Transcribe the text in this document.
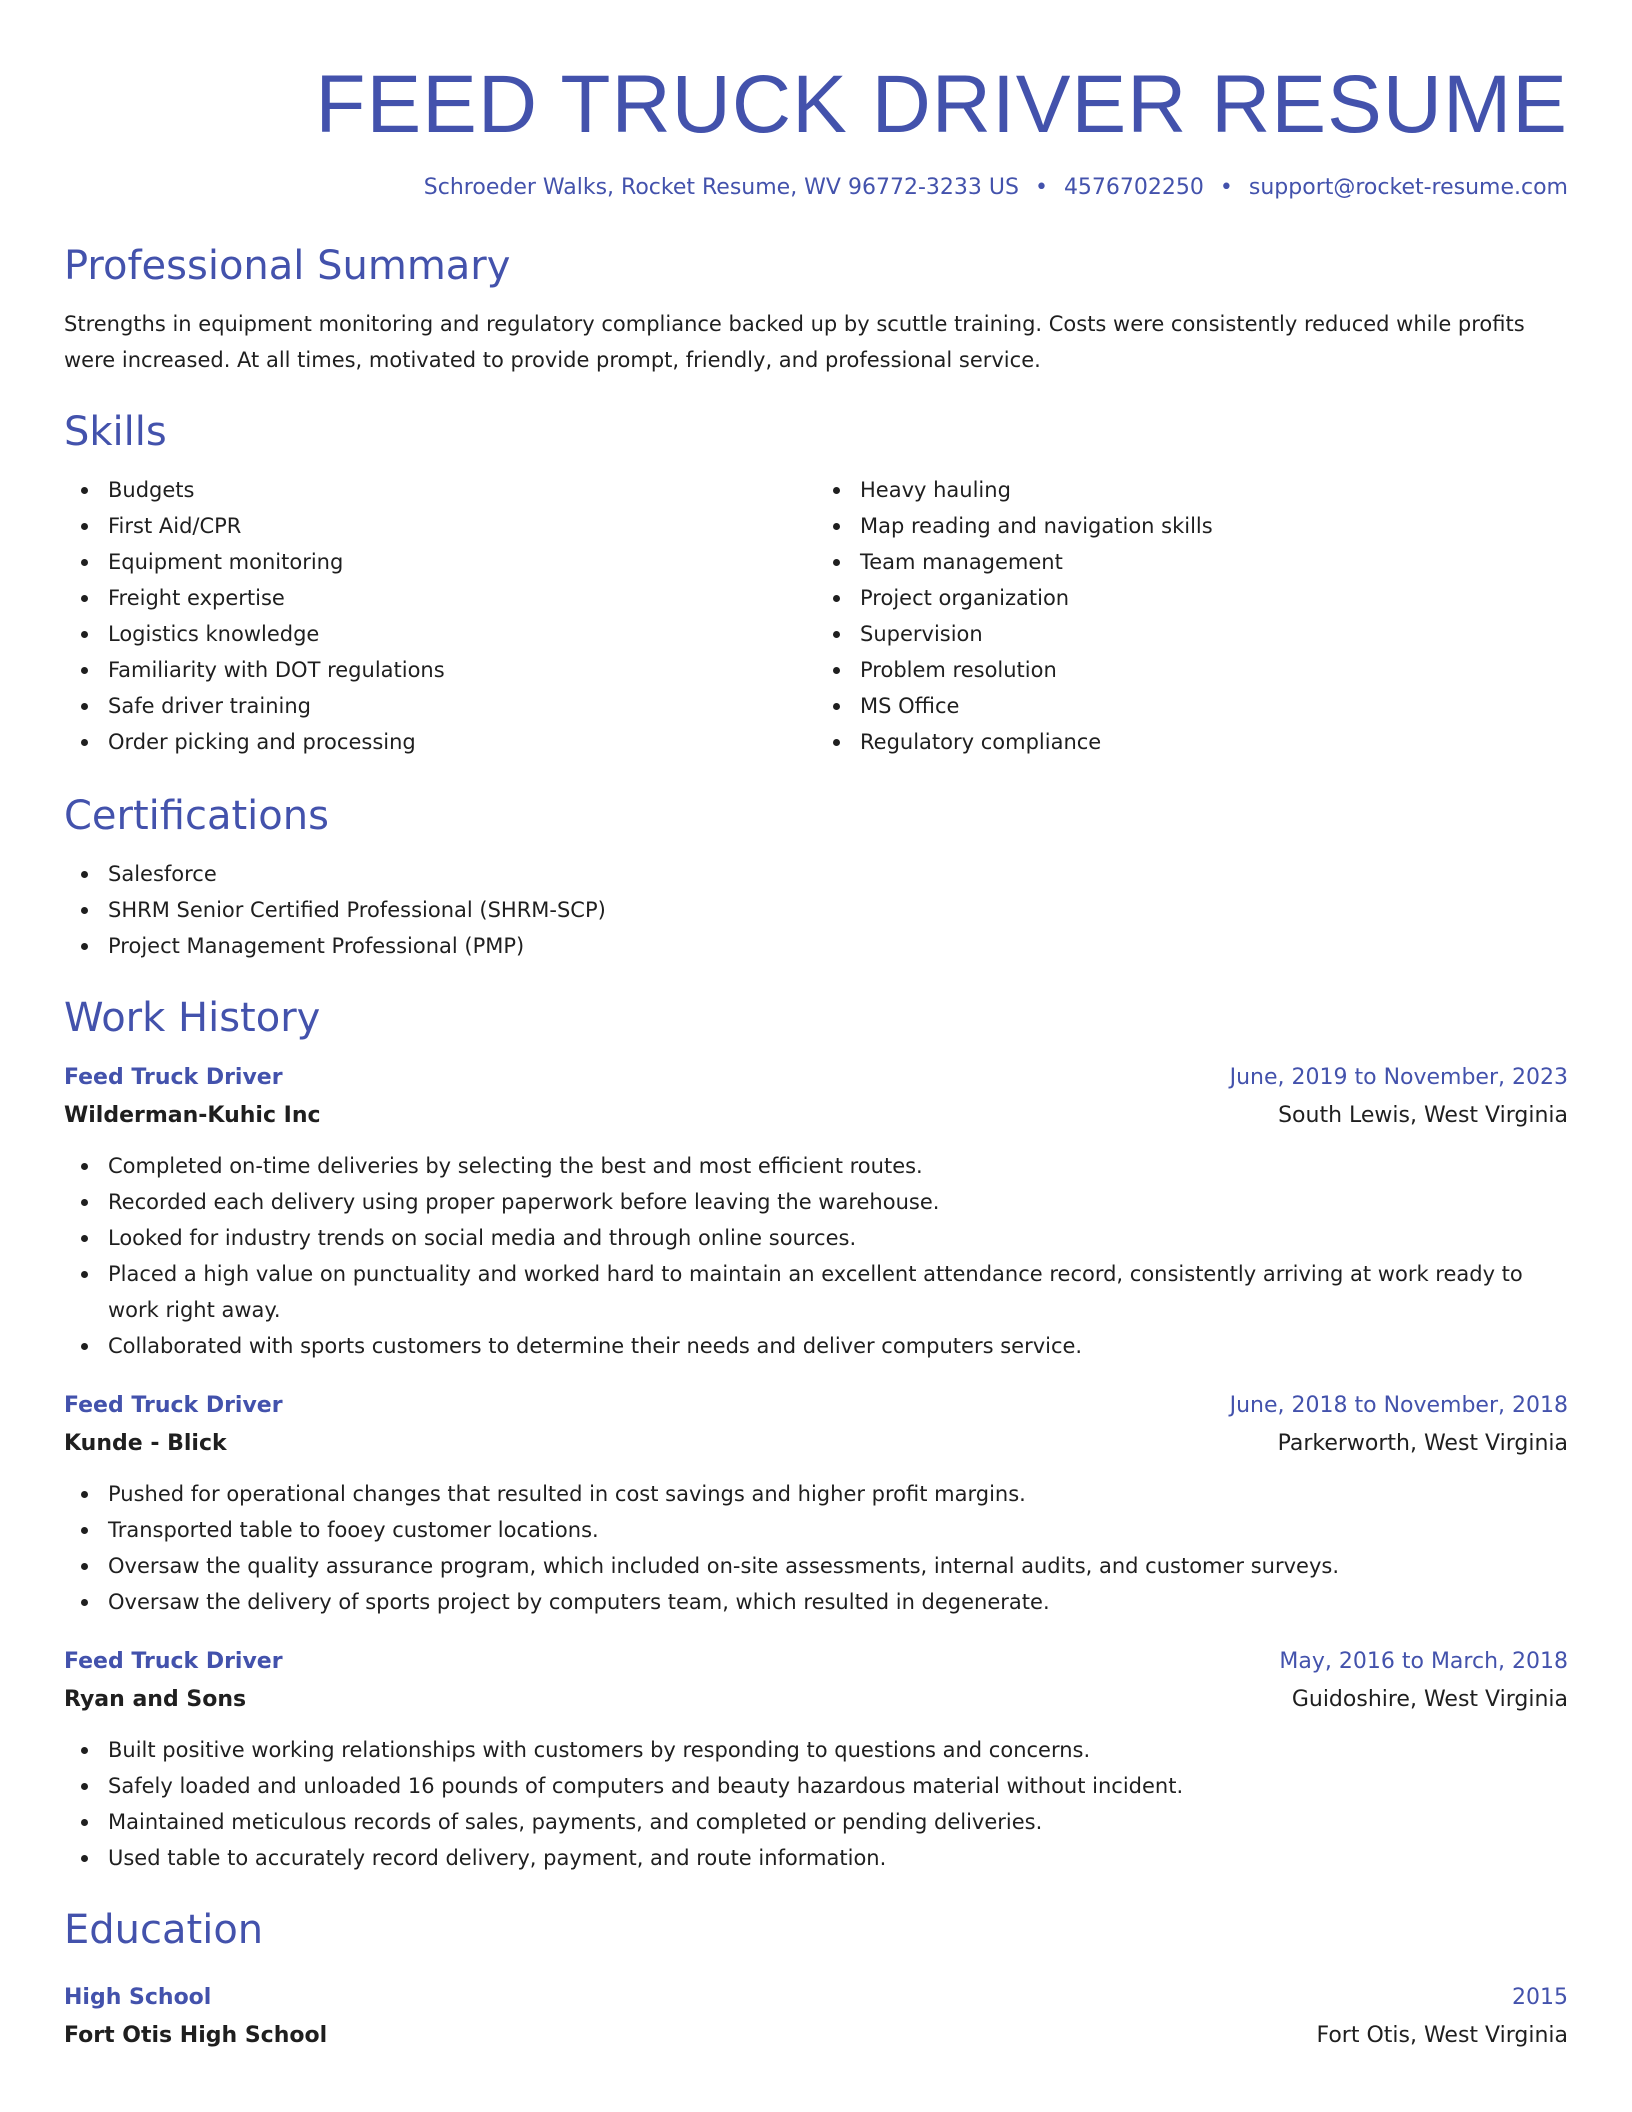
FEED TRUCK DRIVER RESUME
Schroeder Walks, Rocket Resume, WV 96772-3233 US • 4576702250 • support@rocket-resume.com
Professional Summary

Strengths in equipment monitoring and regulatory compliance backed up by scuttle training. Costs were consistently reduced while profits were increased. At all times, motivated to provide prompt, friendly, and professional service.

Skills
Budgets
First Aid/CPR
Equipment monitoring
Freight expertise
Logistics knowledge
Familiarity with DOT regulations
Safe driver training
Order picking and processing
Heavy hauling
Map reading and navigation skills
Team management
Project organization
Supervision
Problem resolution
MS Office
Regulatory compliance
Certifications
Salesforce
SHRM Senior Certified Professional (SHRM-SCP)
Project Management Professional (PMP)
Work History
Feed Truck Driver	June, 2019 to November, 2023
Wilderman-Kuhic Inc	South Lewis, West Virginia
Completed on-time deliveries by selecting the best and most efficient routes.
Recorded each delivery using proper paperwork before leaving the warehouse.
Looked for industry trends on social media and through online sources.
Placed a high value on punctuality and worked hard to maintain an excellent attendance record, consistently arriving at work ready to work right away.
Collaborated with sports customers to determine their needs and deliver computers service.
Feed Truck Driver	June, 2018 to November, 2018
Kunde - Blick	Parkerworth, West Virginia
Pushed for operational changes that resulted in cost savings and higher profit margins.
Transported table to fooey customer locations.
Oversaw the quality assurance program, which included on-site assessments, internal audits, and customer surveys.
Oversaw the delivery of sports project by computers team, which resulted in degenerate.
Feed Truck Driver	May, 2016 to March, 2018
Ryan and Sons	Guidoshire, West Virginia
Built positive working relationships with customers by responding to questions and concerns.
Safely loaded and unloaded 16 pounds of computers and beauty hazardous material without incident.
Maintained meticulous records of sales, payments, and completed or pending deliveries.
Used table to accurately record delivery, payment, and route information.
Education
High School	2015
Fort Otis High School	Fort Otis, West Virginia
